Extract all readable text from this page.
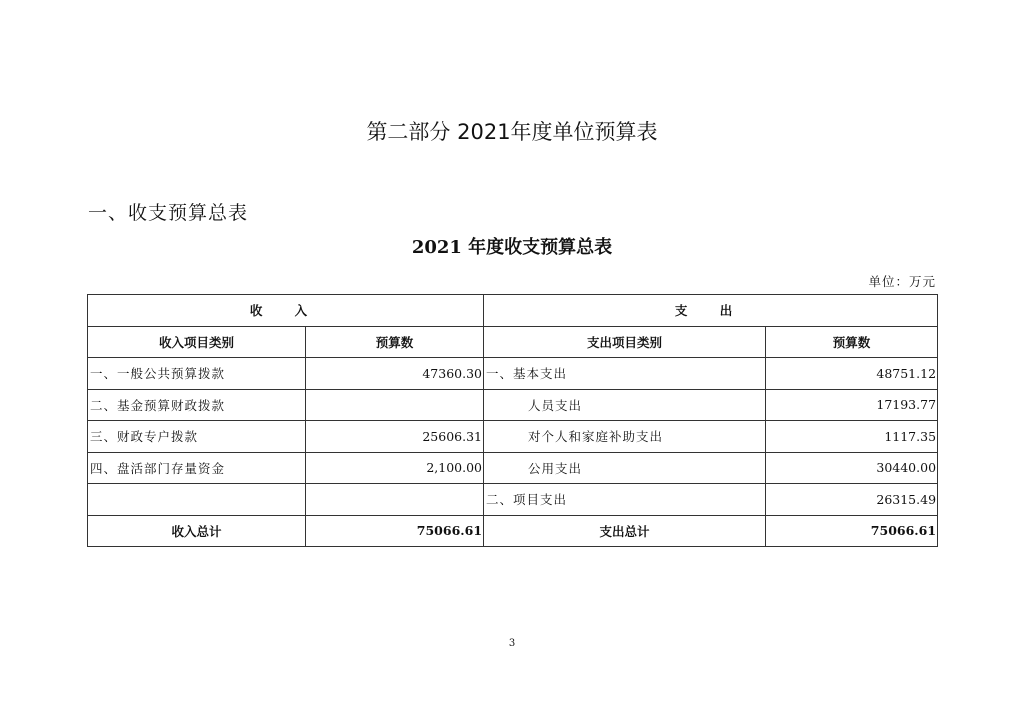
第二部分 2021年度单位预算表
一、收支预算总表
2021 年度收支预算总表
单位：万元
收 入		支 出	
收入项目类别	预算数	支出项目类别	预算数
一、一般公共预算拨款	47360.30	一、基本支出	48751.12
二、基金预算财政拨款		人员支出	17193.77
三、财政专户拨款	25606.31	对个人和家庭补助支出	1117.35
四、盘活部门存量资金	2,100.00	公用支出	30440.00
		二、项目支出	26315.49
收入总计	75066.61	支出总计	75066.61
3
